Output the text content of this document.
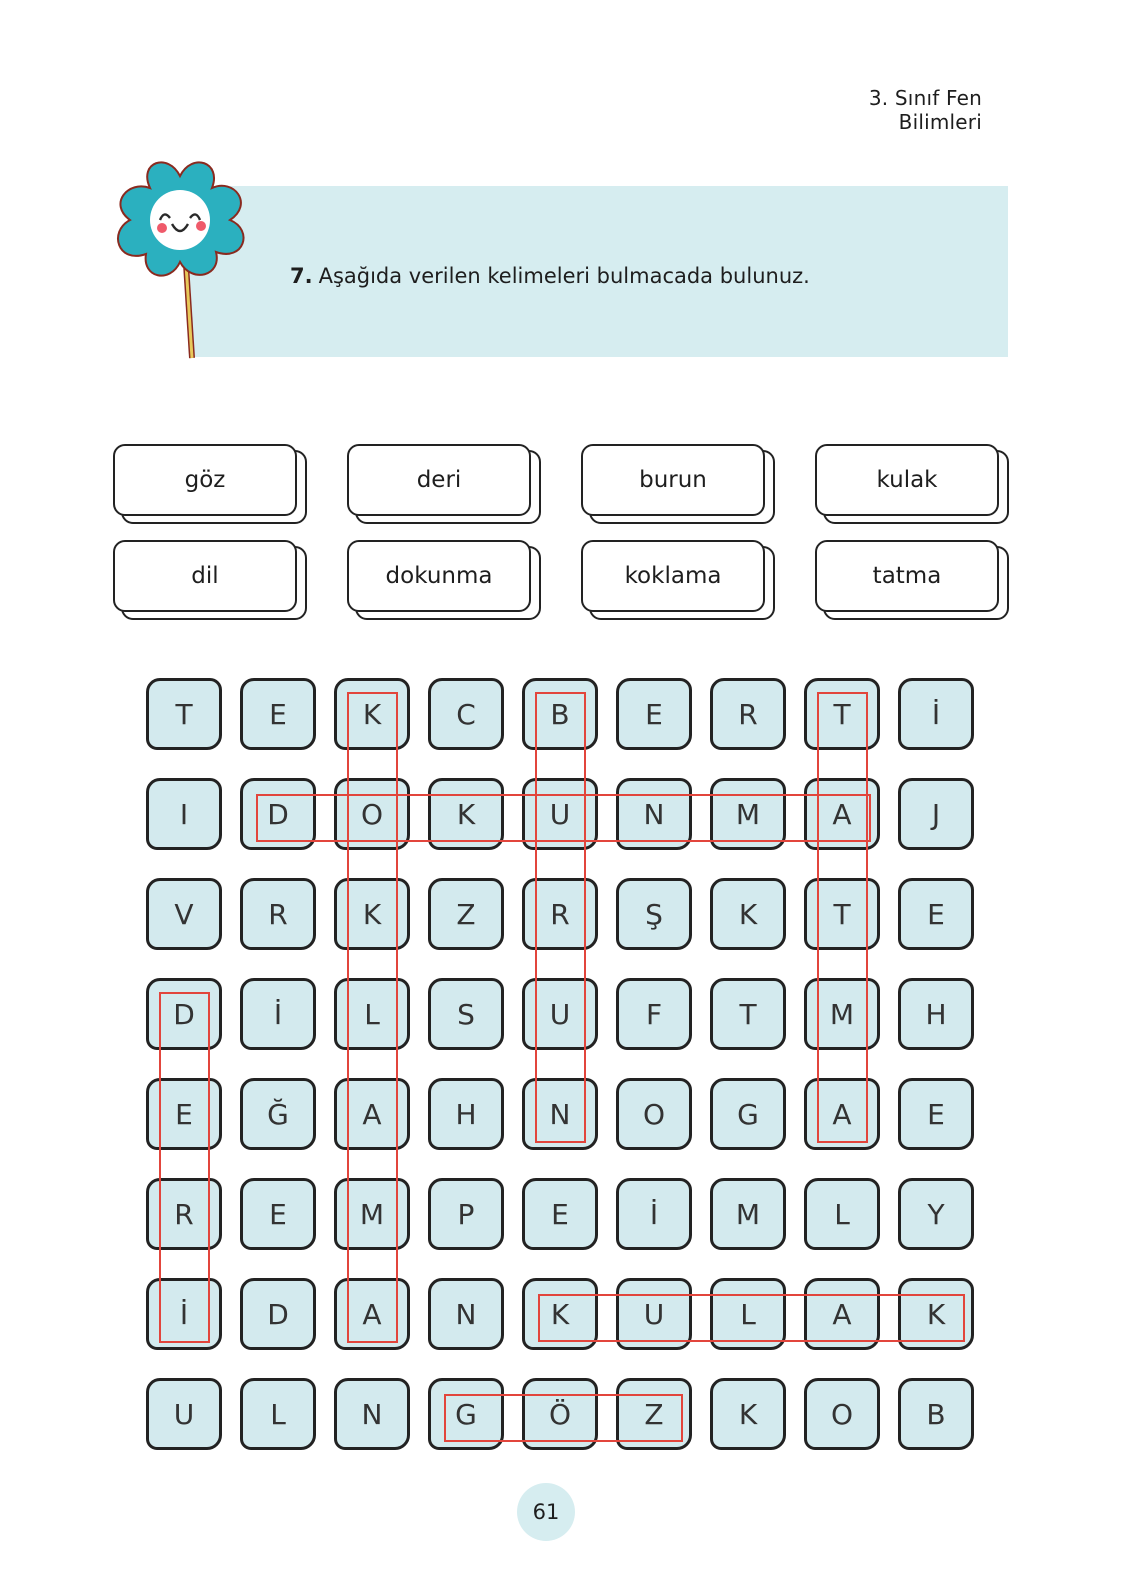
3. Sınıf Fen Bilimleri
7. Aşağıda verilen kelimeleri bulmacada bulunuz.
göz	deri	burun	kulak
dil	dokunma	koklama	tatma
T	E	K	C	B	E	R	T	İ
I	D	O	K	U	N	M	A	J
V	R	K	Z	R	Ş	K	T	E
D	İ	L	S	U	F	T	M	H
E	Ğ	A	H	N	O	G	A	E
R	E	M	P	E	İ	M	L	Y
İ	D	A	N	K	U	L	A	K
U	L	N	G	Ö	Z	K	O	B
61
